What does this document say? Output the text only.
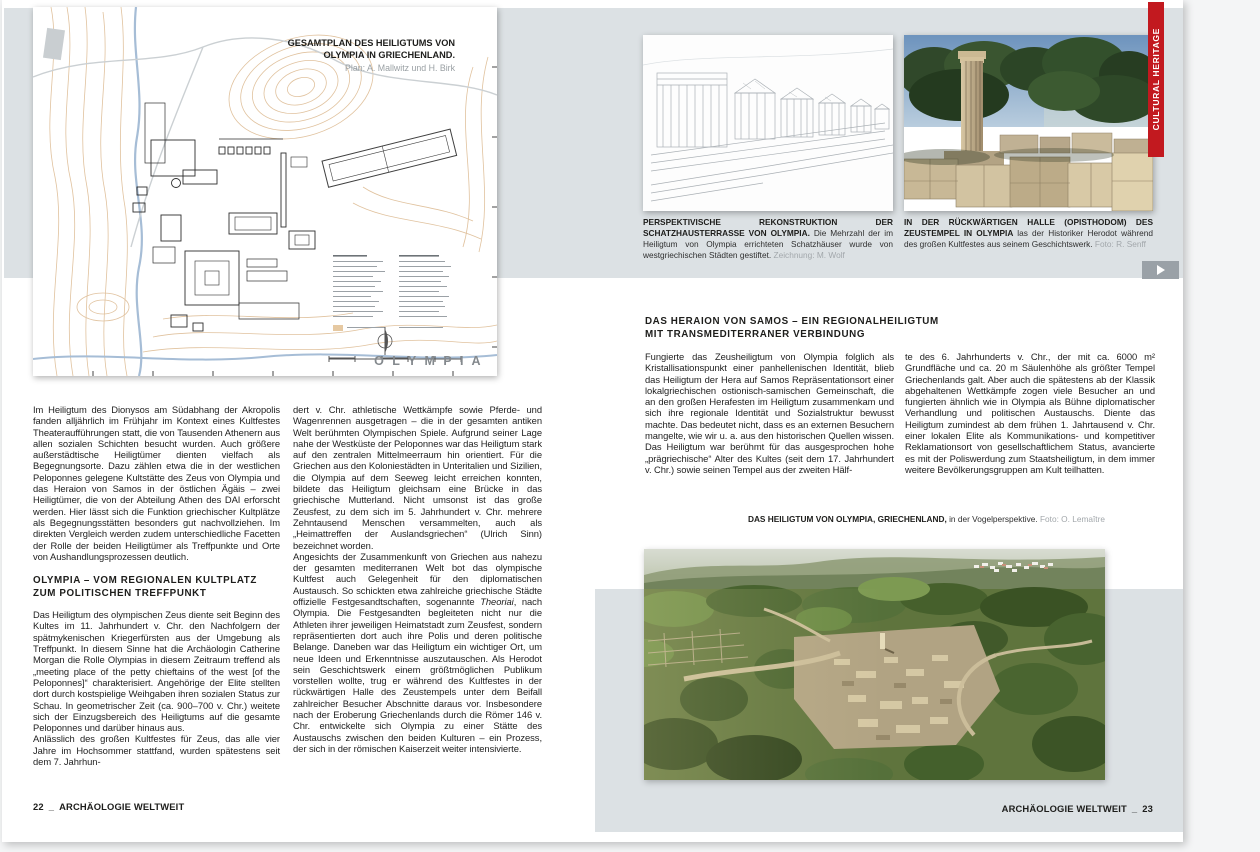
GESAMTPLAN DES HEILIGTUMS VON
OLYMPIA IN GRIECHENLAND.
Plan: A. Mallwitz und H. Birk
O L Y M P I A
PERSPEKTIVISCHE REKONSTRUKTION DER SCHATZHAUSTERRASSE VON OLYMPIA. Die Mehrzahl der im Heiligtum von Olympia errichteten Schatzhäuser wurde von westgriechischen Städten gestiftet. Zeichnung: M. Wolf
IN DER RÜCKWÄRTIGEN HALLE (OPISTHODOM) DES ZEUSTEMPEL IN OLYMPIA las der Historiker Herodot während des großen Kultfestes aus seinem Geschichtswerk. Foto: R. Senff
CULTURAL HERITAGE

Im Heiligtum des Dionysos am Südabhang der Akropolis fanden alljährlich im Frühjahr im Kontext eines Kultfestes Theateraufführungen statt, die von Tausenden Athenern aus allen sozialen Schichten besucht wurden. Auch größere außerstädtische Heiligtümer dienten vielfach als Begegnungsorte. Dazu zählen etwa die in der westlichen Peloponnes gelegene Kultstätte des Zeus von Olympia und das Heraion von Samos in der östlichen Ägäis – zwei Heiligtümer, die von der Abteilung Athen des DAI erforscht werden. Hier lässt sich die Funktion griechischer Kultplätze als Begegnungsstätten besonders gut nachvollziehen. Im direkten Vergleich werden zudem unterschiedliche Facetten der Rolle der beiden Heiligtümer als Treffpunkte und Orte von Aushandlungsprozessen deutlich.

OLYMPIA – VOM REGIONALEN KULTPLATZ
ZUM POLITISCHEN TREFFPUNKT

Das Heiligtum des olympischen Zeus diente seit Beginn des Kultes im 11. Jahrhundert v. Chr. den Nachfolgern der spätmykenischen Kriegerfürsten aus der Umgebung als Treffpunkt. In diesem Sinne hat die Archäologin Catherine Morgan die Rolle Olympias in diesem Zeitraum treffend als „meeting place of the petty chieftains of the west [of the Peloponnes]“ charakterisiert. Angehörige der Elite stellten dort durch kostspielige Weihgaben ihren sozialen Status zur Schau. In geometrischer Zeit (ca. 900–700 v. Chr.) weitete sich der Einzugsbereich des Heiligtums auf die gesamte Peloponnes und darüber hinaus aus.

Anlässlich des großen Kultfestes für Zeus, das alle vier Jahre im Hochsommer stattfand, wurden spätestens seit dem 7. Jahrhun-

dert v. Chr. athletische Wettkämpfe sowie Pferde- und Wagenrennen ausgetragen – die in der gesamten antiken Welt berühmten Olympischen Spiele. Aufgrund seiner Lage nahe der Westküste der Peloponnes war das Heiligtum stark auf den zentralen Mittelmeerraum hin orientiert. Für die Griechen aus den Koloniestädten in Unteritalien und Sizilien, die Olympia auf dem Seeweg leicht erreichen konnten, bildete das Heiligtum gleichsam eine Brücke in das griechische Mutterland. Nicht umsonst ist das große Zeusfest, zu dem sich im 5. Jahrhundert v. Chr. mehrere Zehntausend Menschen versammelten, auch als „Heimattreffen der Auslandsgriechen“ (Ulrich Sinn) bezeichnet worden.

Angesichts der Zusammenkunft von Griechen aus nahezu der gesamten mediterranen Welt bot das olympische Kultfest auch Gelegenheit für den diplomatischen Austausch. So schickten etwa zahlreiche griechische Städte offizielle Festgesandtschaften, sogenannte Theoriai, nach Olympia. Die Festgesandten begleiteten nicht nur die Athleten ihrer jeweiligen Heimatstadt zum Zeusfest, sondern repräsentierten dort auch ihre Polis und deren politische Belange. Daneben war das Heiligtum ein wichtiger Ort, um neue Ideen und Erkenntnisse auszutauschen. Als Herodot sein Geschichtswerk einem größtmöglichen Publikum vorstellen wollte, trug er während des Kultfestes in der rückwärtigen Halle des Zeustempels unter dem Beifall zahlreicher Besucher Abschnitte daraus vor. Insbesondere nach der Eroberung Griechenlands durch die Römer 146 v. Chr. entwickelte sich Olympia zu einer Stätte des Austauschs zwischen den beiden Kulturen – ein Prozess, der sich in der römischen Kaiserzeit weiter intensivierte.

DAS HERAION VON SAMOS – EIN REGIONALHEILIGTUM
MIT TRANSMEDITERRANER VERBINDUNG

Fungierte das Zeusheiligtum von Olympia folglich als Kristallisationspunkt einer panhellenischen Identität, blieb das Heiligtum der Hera auf Samos Repräsentationsort einer lokalgriechischen ostionisch-samischen Gemeinschaft, die an den großen Herafesten im Heiligtum zusammenkam und sich ihre regionale Identität und Sozialstruktur bewusst machte. Das bedeutet nicht, dass es an externen Besuchern mangelte, wie wir u. a. aus den historischen Quellen wissen. Das Heiligtum war berühmt für das ausgesprochen hohe „prägriechische“ Alter des Kultes (seit dem 17. Jahrhundert v. Chr.) sowie seinen Tempel aus der zweiten Hälf-

te des 6. Jahrhunderts v. Chr., der mit ca. 6000 m² Grundfläche und ca. 20 m Säulenhöhe als größter Tempel Griechenlands galt. Aber auch die spätestens ab der Klassik abgehaltenen Wettkämpfe zogen viele Besucher an und fungierten ähnlich wie in Olympia als Bühne diplomatischer Verhandlung und politischen Austauschs. Diente das Heiligtum zumindest ab dem frühen 1. Jahrtausend v. Chr. einer lokalen Elite als Kommunikations- und kompetitiver Reklamationsort von gesellschaftlichem Status, avancierte es mit der Poliswerdung zum Staatsheiligtum, in dem immer weitere Bevölkerungsgruppen am Kult teilhatten.

DAS HEILIGTUM VON OLYMPIA, GRIECHENLAND, in der Vogelperspektive. Foto: O. Lemaître
22 _ ARCHÄOLOGIE WELTWEIT	ARCHÄOLOGIE WELTWEIT _ 23
